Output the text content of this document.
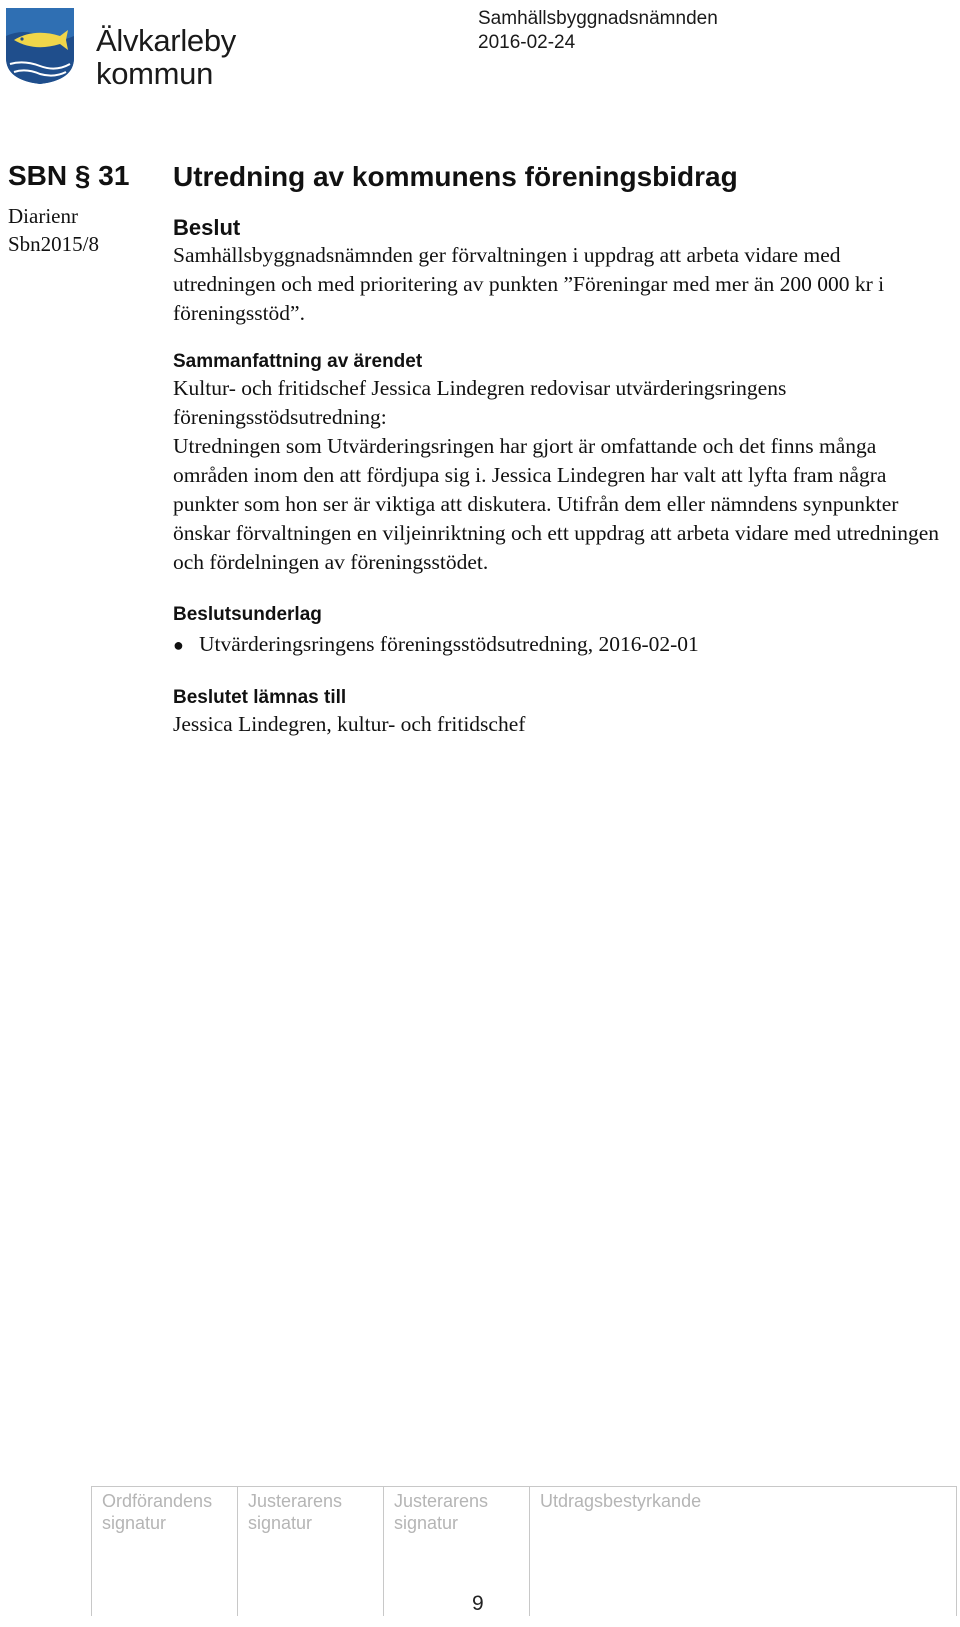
Älvkarleby
kommun
Samhällsbyggnadsnämnden
2016-02-24
SBN § 31
Diarienr
Sbn2015/8
Utredning av kommunens föreningsbidrag
Beslut

Samhällsbyggnadsnämnden ger förvaltningen i uppdrag att arbeta vidare med utredningen och med prioritering av punkten ”Föreningar med mer än 200 000 kr i föreningsstöd”.

Sammanfattning av ärendet

Kultur- och fritidschef Jessica Lindegren redovisar utvärderingsringens föreningsstödsutredning:

Utredningen som Utvärderingsringen har gjort är omfattande och det finns många områden inom den att fördjupa sig i. Jessica Lindegren har valt att lyfta fram några punkter som hon ser är viktiga att diskutera. Utifrån dem eller nämndens synpunkter önskar förvaltningen en viljeinriktning och ett uppdrag att arbeta vidare med utredningen och fördelningen av föreningsstödet.

Beslutsunderlag
● Utvärderingsringens föreningsstödsutredning, 2016-02-01
Beslutet lämnas till

Jessica Lindegren, kultur- och fritidschef

Ordförandens
signatur
Justerarens
signatur
Justerarens
signatur
Utdragsbestyrkande
9
